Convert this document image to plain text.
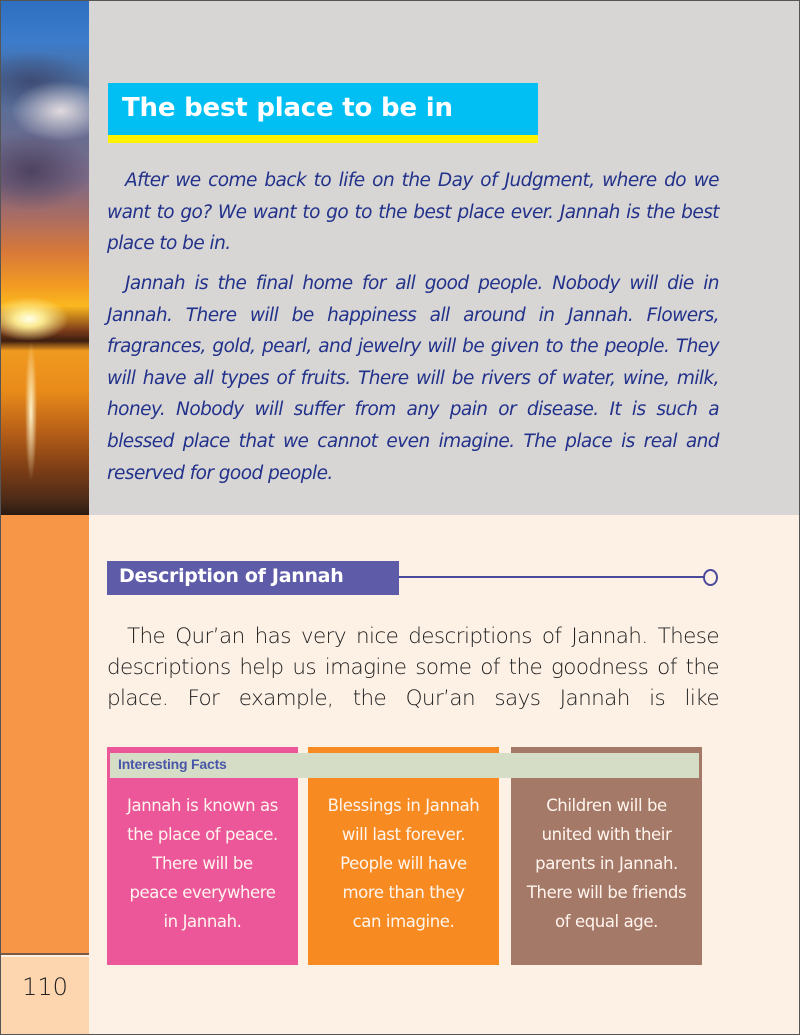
110
The best place to be in

After we come back to life on the Day of Judgment, where do we want to go? We want to go to the best place ever. Jannah is the best place to be in.

Jannah is the final home for all good people. Nobody will die in Jannah. There will be happiness all around in Jannah. Flowers, fragrances, gold, pearl, and jewelry will be given to the people. They will have all types of fruits. There will be rivers of water, wine, milk, honey. Nobody will suffer from any pain or disease. It is such a blessed place that we cannot even imagine. The place is real and reserved for good people.

Description of Jannah

The Qur’an has very nice descriptions of Jannah. These descriptions help us imagine some of the goodness of the place. For example, the Qur’an says Jannah is like

Jannah is known as
the place of peace.
There will be
peace everywhere
in Jannah.
Blessings in Jannah
will last forever.
People will have
more than they
can imagine.
Children will be
united with their
parents in Jannah.
There will be friends
of equal age.
Interesting Facts
